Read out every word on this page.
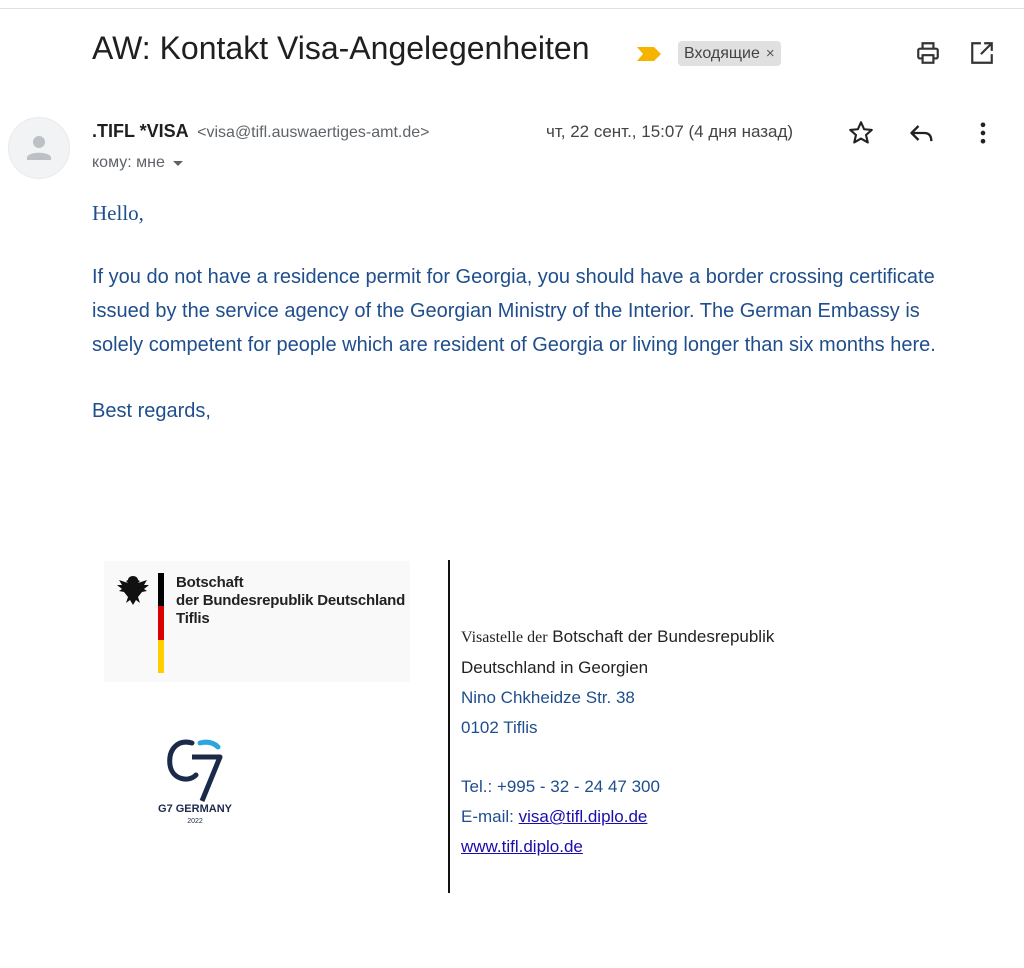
AW: Kontakt Visa-Angelegenheiten	Входящие ×
.TIFL *VISA <visa@tifl.auswaertiges-amt.de>	чт, 22 сент., 15:07 (4 дня назад)
кому: мне

Hello,

If you do not have a residence permit for Georgia, you should have a border crossing certificate issued by the service agency of the Georgian Ministry of the Interior. The German Embassy is solely competent for people which are resident of Georgia or living longer than six months here.

Best regards,

Botschaft
der Bundesrepublik Deutschland
Tiflis
G7 GERMANY
2022
Visastelle der Botschaft der Bundesrepublik
Deutschland in Georgien
Nino Chkheidze Str. 38
0102 Tiflis
Tel.: +995 - 32 - 24 47 300
E-mail: visa@tifl.diplo.de
www.tifl.diplo.de
